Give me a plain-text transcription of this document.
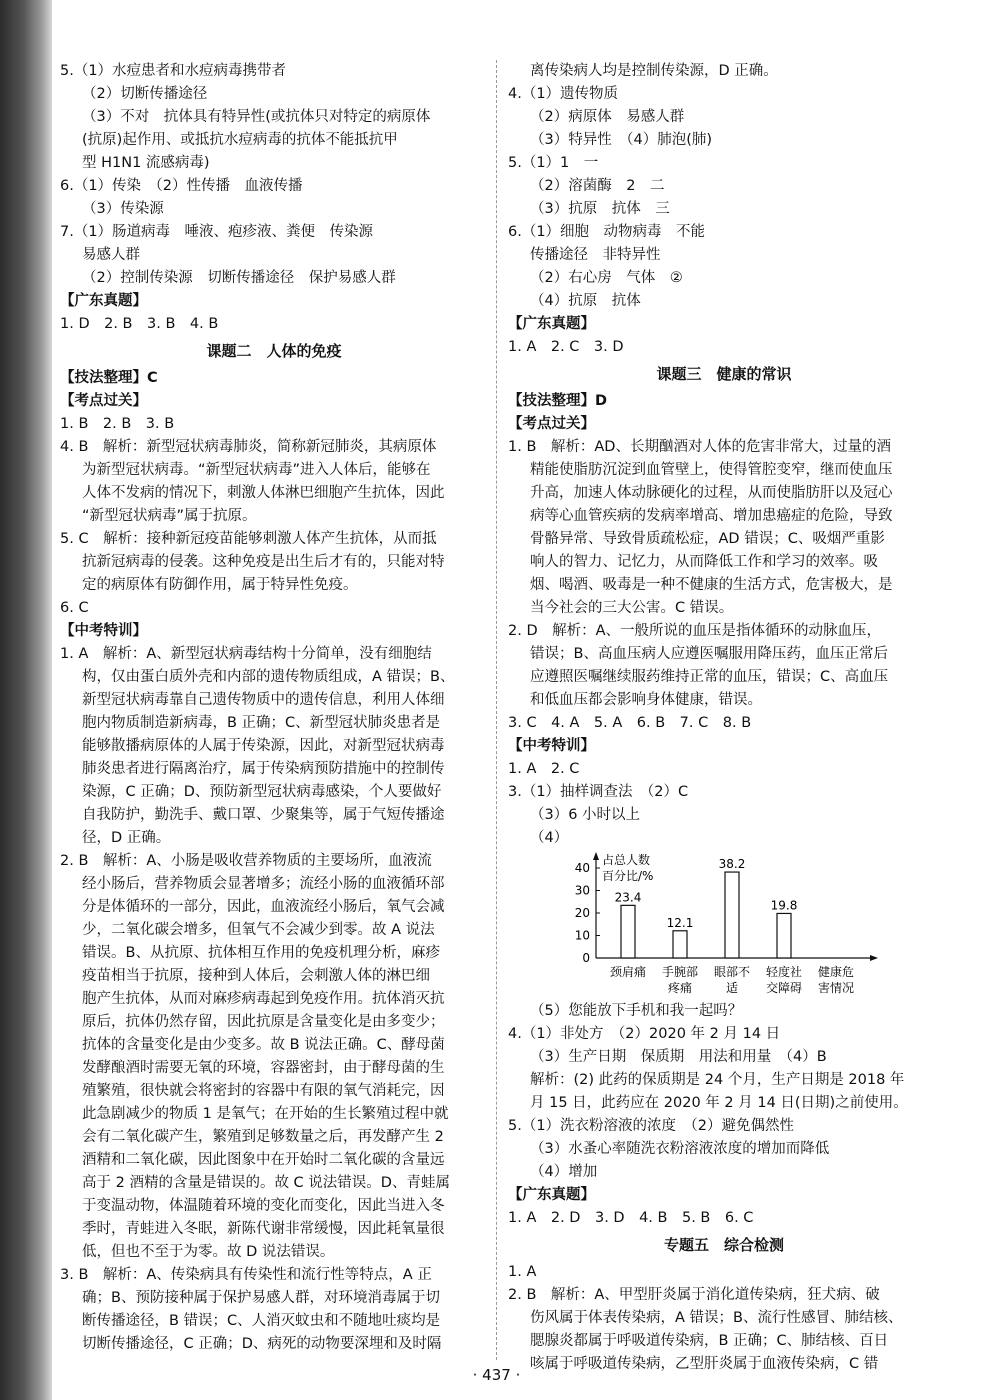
5.（1）水痘患者和水痘病毒携带者
（2）切断传播途径
（3）不对　抗体具有特异性(或抗体只对特定的病原体
(抗原)起作用、或抵抗水痘病毒的抗体不能抵抗甲
型 H1N1 流感病毒)
6.（1）传染　（2）性传播　血液传播
（3）传染源
7.（1）肠道病毒　唾液、疱疹液、粪便　传染源
易感人群
（2）控制传染源　切断传播途径　保护易感人群
【广东真题】
1. D　2. B　3. B　4. B
课题二　人体的免疫
【技法整理】C
【考点过关】
1. B　2. B　3. B
4. B　解析：新型冠状病毒肺炎，简称新冠肺炎，其病原体
为新型冠状病毒。“新型冠状病毒”进入人体后，能够在
人体不发病的情况下，刺激人体淋巴细胞产生抗体，因此
“新型冠状病毒”属于抗原。
5. C　解析：接种新冠疫苗能够刺激人体产生抗体，从而抵
抗新冠病毒的侵袭。这种免疫是出生后才有的，只能对特
定的病原体有防御作用，属于特异性免疫。
6. C
【中考特训】
1. A　解析：A、新型冠状病毒结构十分简单，没有细胞结
构，仅由蛋白质外壳和内部的遗传物质组成，A 错误；B、
新型冠状病毒靠自己遗传物质中的遗传信息，利用人体细
胞内物质制造新病毒，B 正确；C、新型冠状肺炎患者是
能够散播病原体的人属于传染源，因此，对新型冠状病毒
肺炎患者进行隔离治疗，属于传染病预防措施中的控制传
染源，C 正确；D、预防新型冠状病毒感染，个人要做好
自我防护，勤洗手、戴口罩、少聚集等，属于气短传播途
径，D 正确。
2. B　解析：A、小肠是吸收营养物质的主要场所，血液流
经小肠后，营养物质会显著增多；流经小肠的血液循环部
分是体循环的一部分，因此，血液流经小肠后，氧气会减
少，二氧化碳会增多，但氧气不会减少到零。故 A 说法
错误。B、从抗原、抗体相互作用的免疫机理分析，麻疹
疫苗相当于抗原，接种到人体后，会刺激人体的淋巴细
胞产生抗体，从而对麻疹病毒起到免疫作用。抗体消灭抗
原后，抗体仍然存留，因此抗原是含量变化是由多变少；
抗体的含量变化是由少变多。故 B 说法正确。C、酵母菌
发酵酿酒时需要无氧的环境，容器密封，由于酵母菌的生
殖繁殖，很快就会将密封的容器中有限的氧气消耗完，因
此急剧减少的物质 1 是氧气；在开始的生长繁殖过程中就
会有二氧化碳产生，繁殖到足够数量之后，再发酵产生 2
酒精和二氧化碳，因此图象中在开始时二氧化碳的含量远
高于 2 酒精的含量是错误的。故 C 说法错误。D、青蛙属
于变温动物，体温随着环境的变化而变化，因此当进入冬
季时，青蛙进入冬眠，新陈代谢非常缓慢，因此耗氧量很
低，但也不至于为零。故 D 说法错误。
3. B　解析：A、传染病具有传染性和流行性等特点，A 正
确；B、预防接种属于保护易感人群，对环境消毒属于切
断传播途径，B 错误；C、人消灭蚊虫和不随地吐痰均是
切断传播途径，C 正确；D、病死的动物要深埋和及时隔
离传染病人均是控制传染源，D 正确。
4.（1）遗传物质
（2）病原体　易感人群
（3）特异性　（4）肺泡(肺)
5.（1）1　一
（2）溶菌酶　2　二
（3）抗原　抗体　三
6.（1）细胞　动物病毒　不能
传播途径　非特异性
（2）右心房　气体　②
（4）抗原　抗体
【广东真题】
1. A　2. C　3. D
课题三　健康的常识
【技法整理】D
【考点过关】
1. B　解析：AD、长期酗酒对人体的危害非常大，过量的酒
精能使脂肪沉淀到血管壁上，使得管腔变窄，继而使血压
升高，加速人体动脉硬化的过程，从而使脂肪肝以及冠心
病等心血管疾病的发病率增高、增加患癌症的危险，导致
骨骼异常、导致骨质疏松症，AD 错误；C、吸烟严重影
响人的智力、记忆力，从而降低工作和学习的效率。吸
烟、喝酒、吸毒是一种不健康的生活方式，危害极大，是
当今社会的三大公害。C 错误。
2. D　解析：A、一般所说的血压是指体循环的动脉血压，
错误；B、高血压病人应遵医嘱服用降压药，血压正常后
应遵照医嘱继续服药维持正常的血压，错误；C、高血压
和低血压都会影响身体健康，错误。
3. C　4. A　5. A　6. B　7. C　8. B
【中考特训】
1. A　2. C
3.（1）抽样调查法　（2）C
（3）6 小时以上
（4）
占总人数
百分比/%
0
10
20
30
40
23.4
颈肩痛
12.1
手腕部
疼痛
38.2
眼部不
适
19.8
轻度社
交障碍
健康危
害情况
（5）您能放下手机和我一起吗？
4.（1）非处方　（2）2020 年 2 月 14 日
（3）生产日期　保质期　用法和用量　（4）B
解析：(2) 此药的保质期是 24 个月，生产日期是 2018 年
月 15 日，此药应在 2020 年 2 月 14 日(日期)之前使用。
5.（1）洗衣粉溶液的浓度　（2）避免偶然性
（3）水蚤心率随洗衣粉溶液浓度的增加而降低
（4）增加
【广东真题】
1. A　2. D　3. D　4. B　5. B　6. C
专题五　综合检测
1. A
2. B　解析：A、甲型肝炎属于消化道传染病，狂犬病、破
伤风属于体表传染病，A 错误；B、流行性感冒、肺结核、
腮腺炎都属于呼吸道传染病，B 正确；C、肺结核、百日
咳属于呼吸道传染病，乙型肝炎属于血液传染病，C 错
· 437 ·
